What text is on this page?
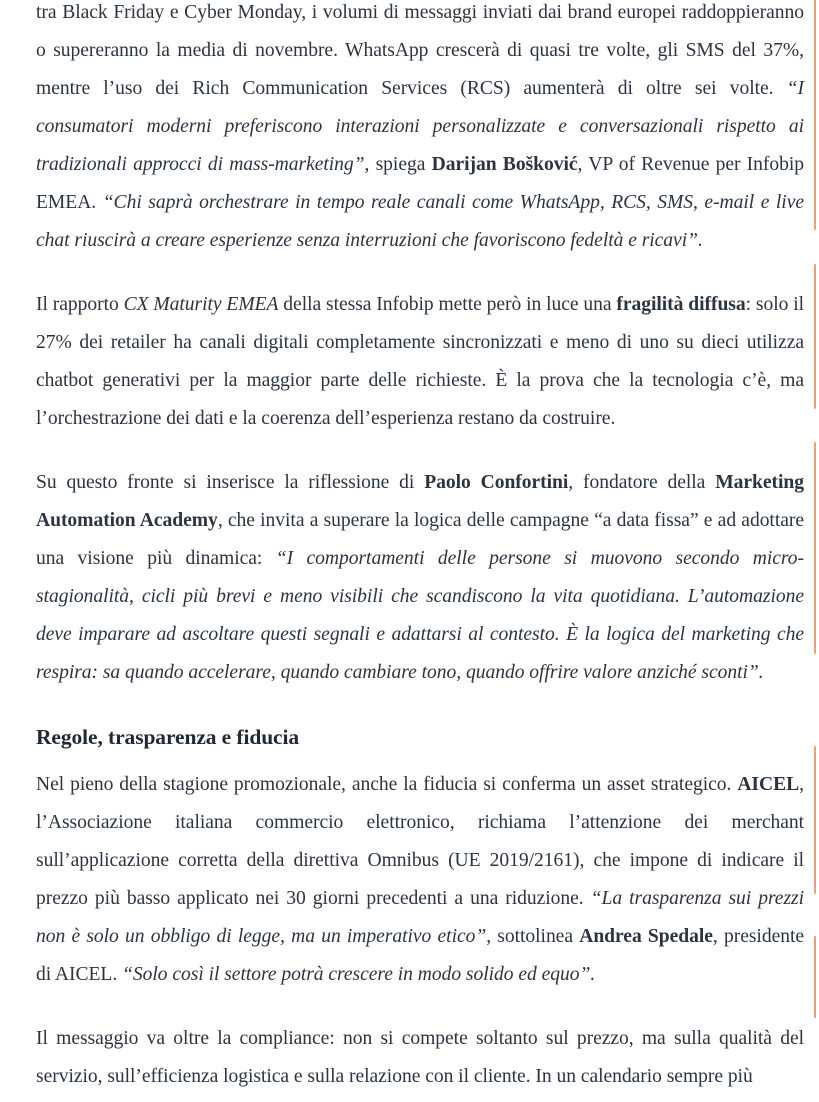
tra Black Friday e Cyber Monday, i volumi di messaggi inviati dai brand europei raddoppieranno o supereranno la media di novembre. WhatsApp crescerà di quasi tre volte, gli SMS del 37%, mentre l’uso dei Rich Communication Services (RCS) aumenterà di oltre sei volte. “I consumatori moderni preferiscono interazioni personalizzate e conversazionali rispetto ai tradizionali approcci di mass-marketing”, spiega Darijan Bošković, VP of Revenue per Infobip EMEA. “Chi saprà orchestrare in tempo reale canali come WhatsApp, RCS, SMS, e-mail e live chat riuscirà a creare esperienze senza interruzioni che favoriscono fedeltà e ricavi”.

Il rapporto CX Maturity EMEA della stessa Infobip mette però in luce una fragilità diffusa: solo il 27% dei retailer ha canali digitali completamente sincronizzati e meno di uno su dieci utilizza chatbot generativi per la maggior parte delle richieste. È la prova che la tecnologia c’è, ma l’orchestrazione dei dati e la coerenza dell’esperienza restano da costruire.

Su questo fronte si inserisce la riflessione di Paolo Confortini, fondatore della Marketing Automation Academy, che invita a superare la logica delle campagne “a data fissa” e ad adottare una visione più dinamica: “I comportamenti delle persone si muovono secondo micro-stagionalità, cicli più brevi e meno visibili che scandiscono la vita quotidiana. L’automazione deve imparare ad ascoltare questi segnali e adattarsi al contesto. È la logica del marketing che respira: sa quando accelerare, quando cambiare tono, quando offrire valore anziché sconti”.

Regole, trasparenza e fiducia

Nel pieno della stagione promozionale, anche la fiducia si conferma un asset strategico. AICEL, l’Associazione italiana commercio elettronico, richiama l’attenzione dei merchant sull’applicazione corretta della direttiva Omnibus (UE 2019/2161), che impone di indicare il prezzo più basso applicato nei 30 giorni precedenti a una riduzione. “La trasparenza sui prezzi non è solo un obbligo di legge, ma un imperativo etico”, sottolinea Andrea Spedale, presidente di AICEL. “Solo così il settore potrà crescere in modo solido ed equo”.

Il messaggio va oltre la compliance: non si compete soltanto sul prezzo, ma sulla qualità del servizio, sull’efficienza logistica e sulla relazione con il cliente. In un calendario sempre più
